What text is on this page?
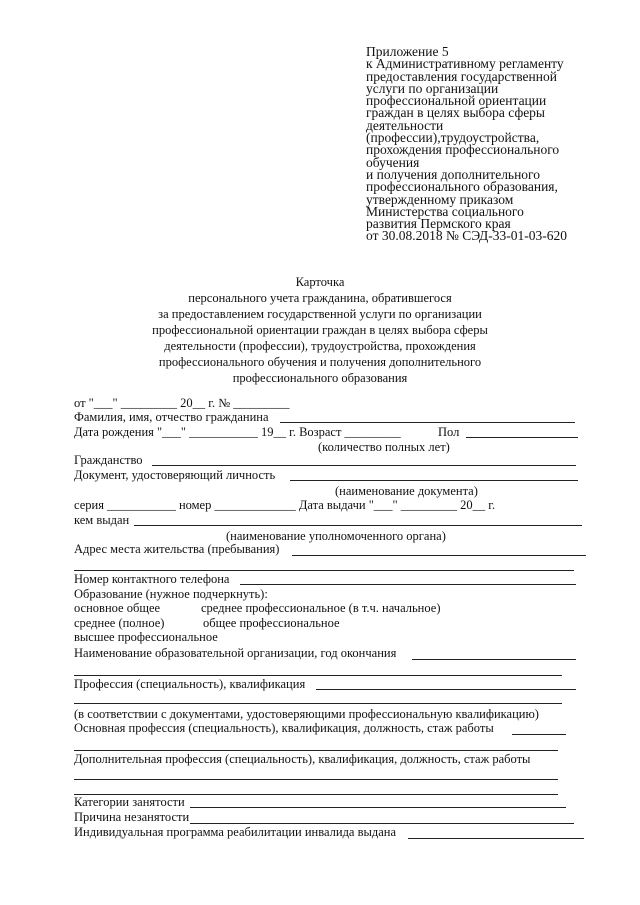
Приложение 5
к Административному регламенту
предоставления государственной
услуги по организации
профессиональной ориентации
граждан в целях выбора сферы
деятельности
(профессии),трудоустройства,
прохождения профессионального
обучения
и получения дополнительного
профессионального образования,
утвержденному приказом
Министерства социального
развития Пермского края
от 30.08.2018 № СЭД-33-01-03-620
Карточка
персонального учета гражданина, обратившегося
за предоставлением государственной услуги по организации
профессиональной ориентации граждан в целях выбора сферы
деятельности (профессии), трудоустройства, прохождения
профессионального обучения и получения дополнительного
профессионального образования
от "___" _________ 20__ г. № _________
Фамилия, имя, отчество гражданина
Дата рождения "___" ___________ 19__ г. Возраст _________	Пол
(количество полных лет)
Гражданство
Документ, удостоверяющий личность
(наименование документа)
серия ___________ номер _____________ Дата выдачи "___" _________ 20__ г.
кем выдан
(наименование уполномоченного органа)
Адрес места жительства (пребывания)
Номер контактного телефона
Образование (нужное подчеркнуть):
основное общее	среднее профессиональное (в т.ч. начальное)
среднее (полное)	общее профессиональное
высшее профессиональное
Наименование образовательной организации, год окончания
Профессия (специальность), квалификация
(в соответствии с документами, удостоверяющими профессиональную квалификацию)
Основная профессия (специальность), квалификация, должность, стаж работы
Дополнительная профессия (специальность), квалификация, должность, стаж работы
Категории занятости
Причина незанятости
Индивидуальная программа реабилитации инвалида выдана
